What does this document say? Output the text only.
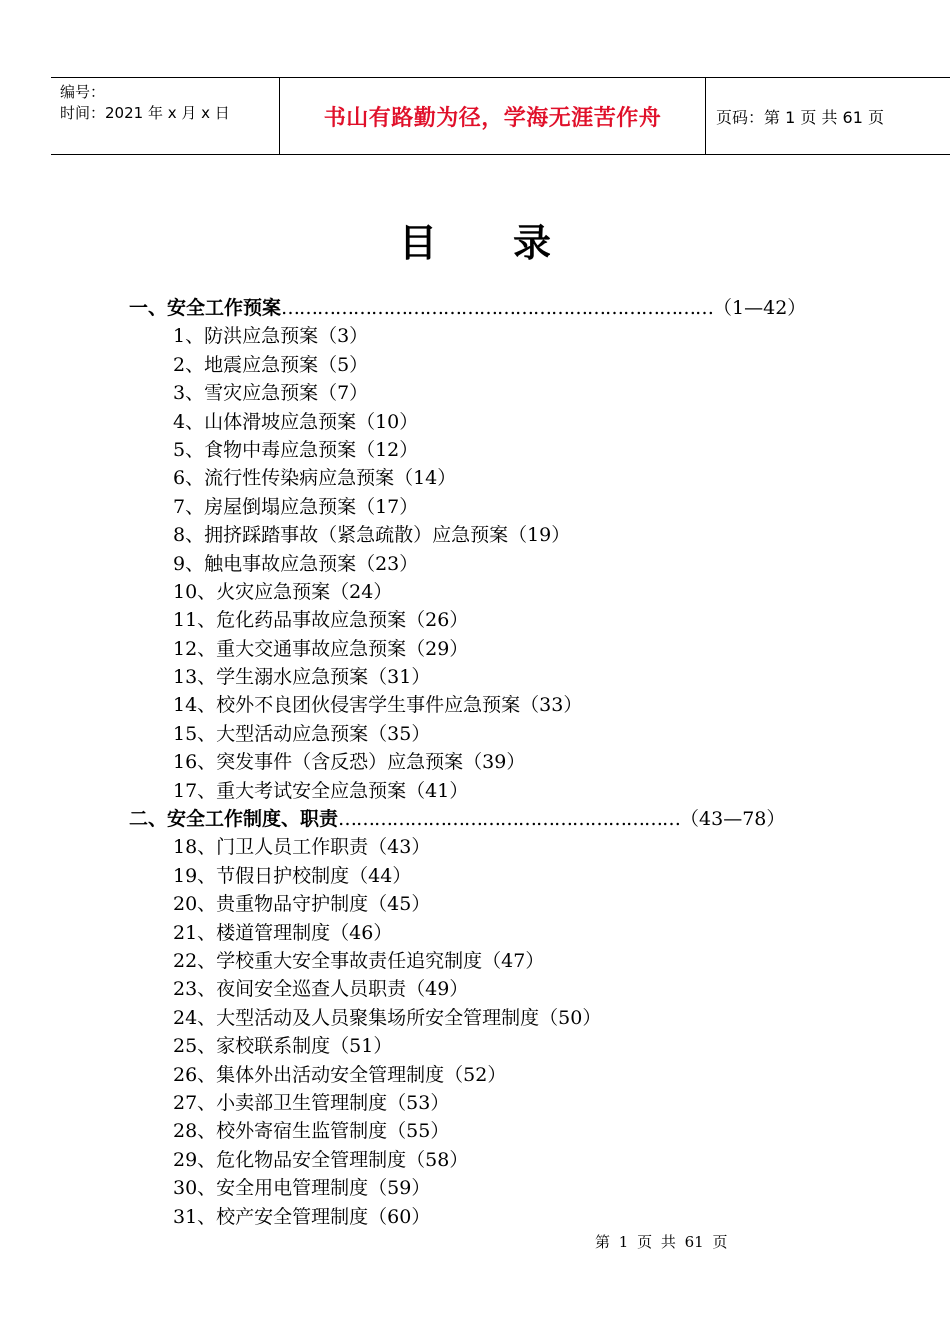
编号：
时间：2021 年 x 月 x 日	书山有路勤为径，学海无涯苦作舟	页码：第 1 页 共 61 页
目 录
一、安全工作预案………………………………………………………………（1—42）
1、防洪应急预案（3）
2、地震应急预案（5）
3、雪灾应急预案（7）
4、山体滑坡应急预案（10）
5、食物中毒应急预案（12）
6、流行性传染病应急预案（14）
7、房屋倒塌应急预案（17）
8、拥挤踩踏事故（紧急疏散）应急预案（19）
9、触电事故应急预案（23）
10、火灾应急预案（24）
11、危化药品事故应急预案（26）
12、重大交通事故应急预案（29）
13、学生溺水应急预案（31）
14、校外不良团伙侵害学生事件应急预案（33）
15、大型活动应急预案（35）
16、突发事件（含反恐）应急预案（39）
17、重大考试安全应急预案（41）
二、安全工作制度、职责…………………………………………………（43—78）
18、门卫人员工作职责（43）
19、节假日护校制度（44）
20、贵重物品守护制度（45）
21、楼道管理制度（46）
22、学校重大安全事故责任追究制度（47）
23、夜间安全巡查人员职责（49）
24、大型活动及人员聚集场所安全管理制度（50）
25、家校联系制度（51）
26、集体外出活动安全管理制度（52）
27、小卖部卫生管理制度（53）
28、校外寄宿生监管制度（55）
29、危化物品安全管理制度（58）
30、安全用电管理制度（59）
31、校产安全管理制度（60）
第 1 页 共 61 页
